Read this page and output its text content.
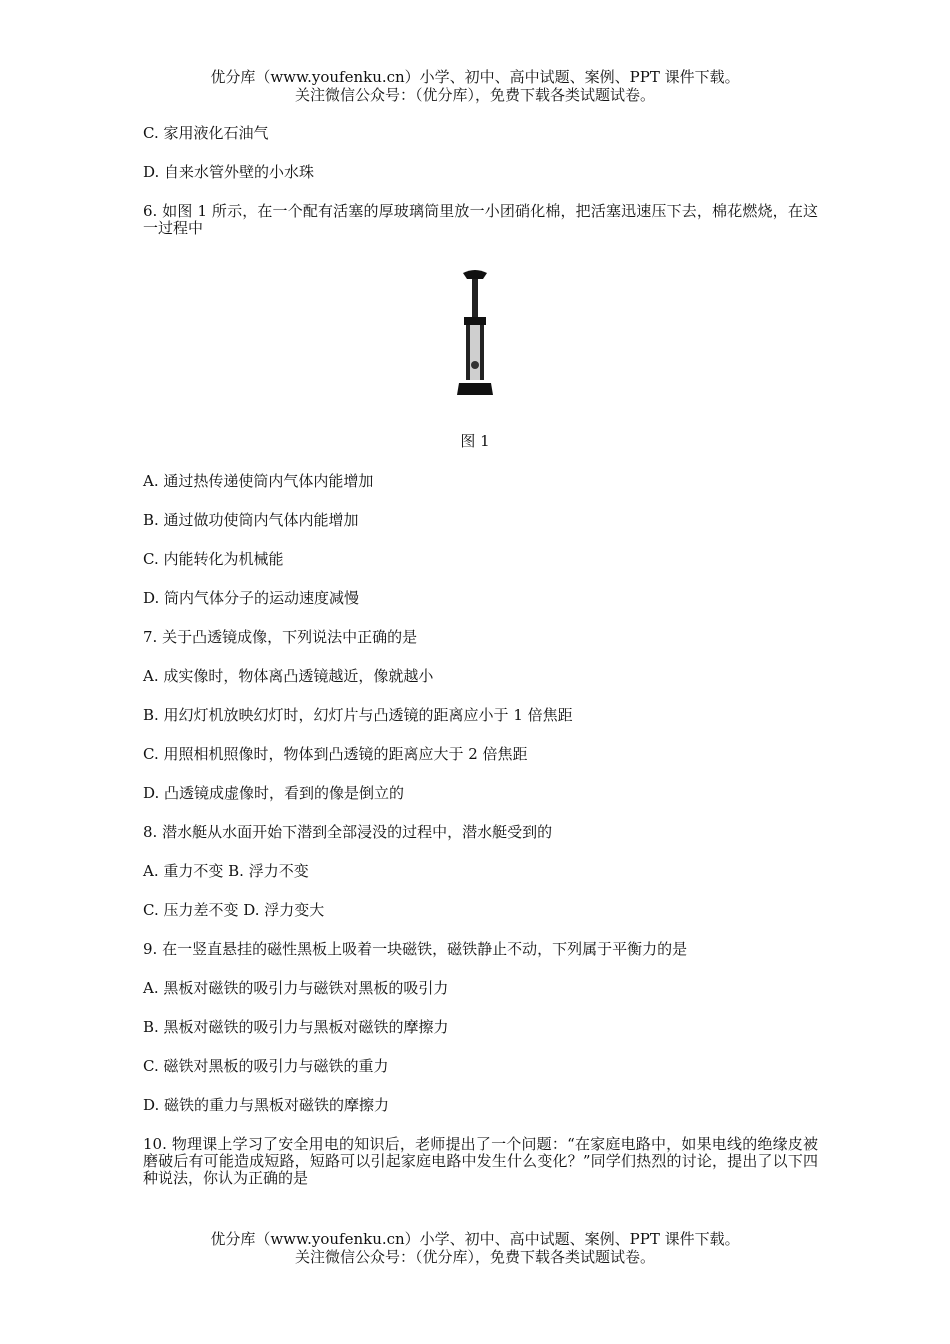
优分库（www.youfenku.cn）小学、初中、高中试题、案例、PPT 课件下载。
关注微信公众号：（优分库），免费下载各类试题试卷。
C. 家用液化石油气
D. 自来水管外壁的小水珠
6. 如图 1 所示，在一个配有活塞的厚玻璃筒里放一小团硝化棉，把活塞迅速压下去，棉花燃烧，在这一过程中
图 1
A. 通过热传递使筒内气体内能增加
B. 通过做功使筒内气体内能增加
C. 内能转化为机械能
D. 筒内气体分子的运动速度减慢
7. 关于凸透镜成像，下列说法中正确的是
A. 成实像时，物体离凸透镜越近，像就越小
B. 用幻灯机放映幻灯时，幻灯片与凸透镜的距离应小于 1 倍焦距
C. 用照相机照像时，物体到凸透镜的距离应大于 2 倍焦距
D. 凸透镜成虚像时，看到的像是倒立的
8. 潜水艇从水面开始下潜到全部浸没的过程中，潜水艇受到的
A. 重力不变 B. 浮力不变
C. 压力差不变 D. 浮力变大
9. 在一竖直悬挂的磁性黑板上吸着一块磁铁，磁铁静止不动，下列属于平衡力的是
A. 黑板对磁铁的吸引力与磁铁对黑板的吸引力
B. 黑板对磁铁的吸引力与黑板对磁铁的摩擦力
C. 磁铁对黑板的吸引力与磁铁的重力
D. 磁铁的重力与黑板对磁铁的摩擦力
10. 物理课上学习了安全用电的知识后，老师提出了一个问题：“在家庭电路中，如果电线的绝缘皮被磨破后有可能造成短路，短路可以引起家庭电路中发生什么变化？”同学们热烈的讨论，提出了以下四种说法，你认为正确的是
优分库（www.youfenku.cn）小学、初中、高中试题、案例、PPT 课件下载。
关注微信公众号：（优分库），免费下载各类试题试卷。
